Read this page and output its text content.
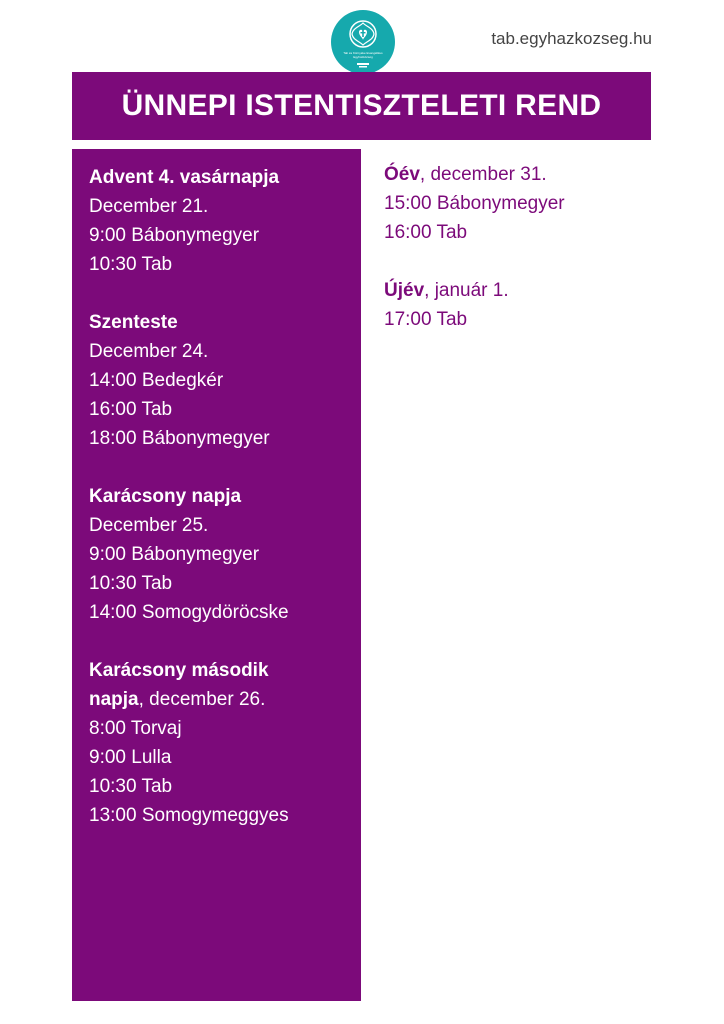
Tab és Környéke Evangélikus Egyházközség
tab.egyhazkozseg.hu
ÜNNEPI ISTENTISZTELETI REND
Advent 4. vasárnapja
December 21.
9:00 Bábonymegyer
10:30 Tab
Szenteste
December 24.
14:00 Bedegkér
16:00 Tab
18:00 Bábonymegyer
Karácsony napja
December 25.
9:00 Bábonymegyer
10:30 Tab
14:00 Somogydöröcske
Karácsony második
napja, december 26.
8:00 Torvaj
9:00 Lulla
10:30 Tab
13:00 Somogymeggyes
Óév, december 31.
15:00 Bábonymegyer
16:00 Tab
Újév, január 1.
17:00 Tab
